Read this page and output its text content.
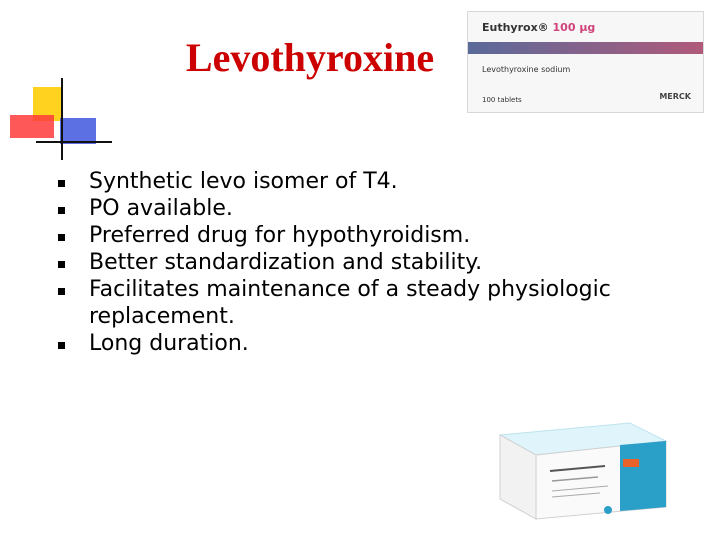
Levothyroxine
Euthyrox® 100 µg
Levothyroxine sodium
100 tablets	MERCK
Synthetic levo isomer of T4.
PO available.
Preferred drug for hypothyroidism.
Better standardization and stability.
Facilitates maintenance of a steady physiologic replacement.
Long duration.
